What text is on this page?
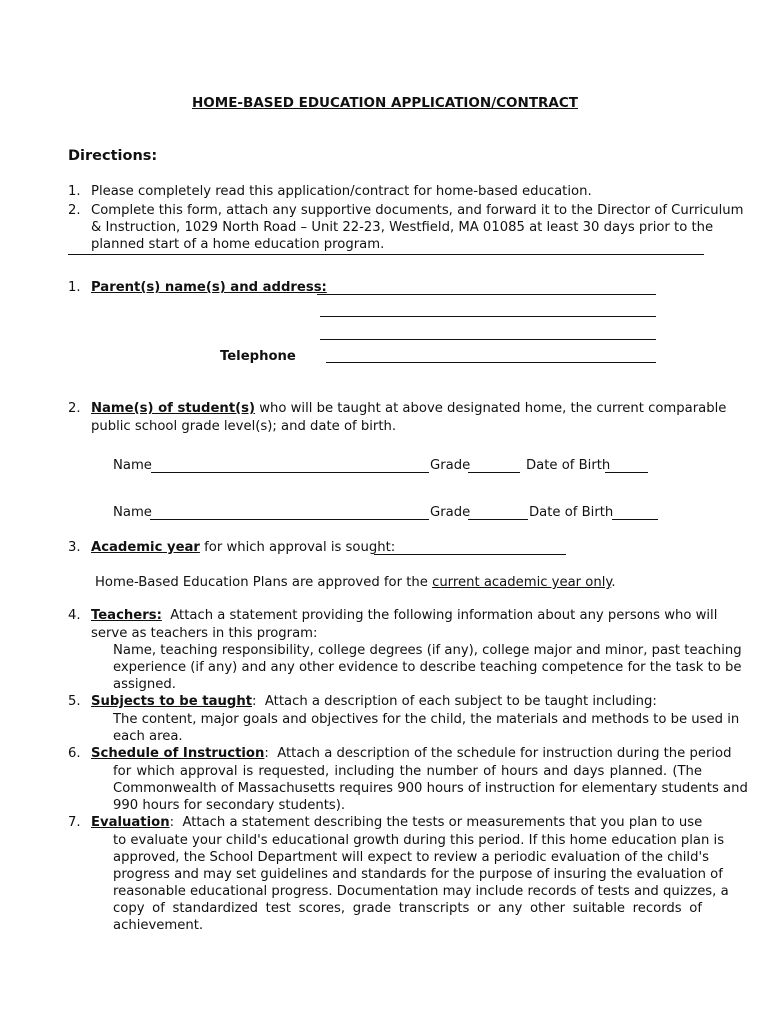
HOME-BASED EDUCATION APPLICATION/CONTRACT
Directions:
1. Please completely read this application/contract for home-based education.
2. Complete this form, attach any supportive documents, and forward it to the Director of Curriculum
& Instruction, 1029 North Road – Unit 22-23, Westfield, MA 01085 at least 30 days prior to the
planned start of a home education program.
1. Parent(s) name(s) and address:
Telephone
2. Name(s) of student(s) who will be taught at above designated home, the current comparable
public school grade level(s); and date of birth.
Name	Grade	Date of Birth
Name	Grade	Date of Birth
3. Academic year for which approval is sought:
Home-Based Education Plans are approved for the current academic year only.
4. Teachers: Attach a statement providing the following information about any persons who will
serve as teachers in this program:
Name, teaching responsibility, college degrees (if any), college major and minor, past teaching
experience (if any) and any other evidence to describe teaching competence for the task to be
assigned.
5. Subjects to be taught: Attach a description of each subject to be taught including:
The content, major goals and objectives for the child, the materials and methods to be used in
each area.
6. Schedule of Instruction: Attach a description of the schedule for instruction during the period
for which approval is requested, including the number of hours and days planned. (The
Commonwealth of Massachusetts requires 900 hours of instruction for elementary students and
990 hours for secondary students).
7. Evaluation: Attach a statement describing the tests or measurements that you plan to use
to evaluate your child's educational growth during this period. If this home education plan is
approved, the School Department will expect to review a periodic evaluation of the child's
progress and may set guidelines and standards for the purpose of insuring the evaluation of
reasonable educational progress. Documentation may include records of tests and quizzes, a
copy of standardized test scores, grade transcripts or any other suitable records of
achievement.
